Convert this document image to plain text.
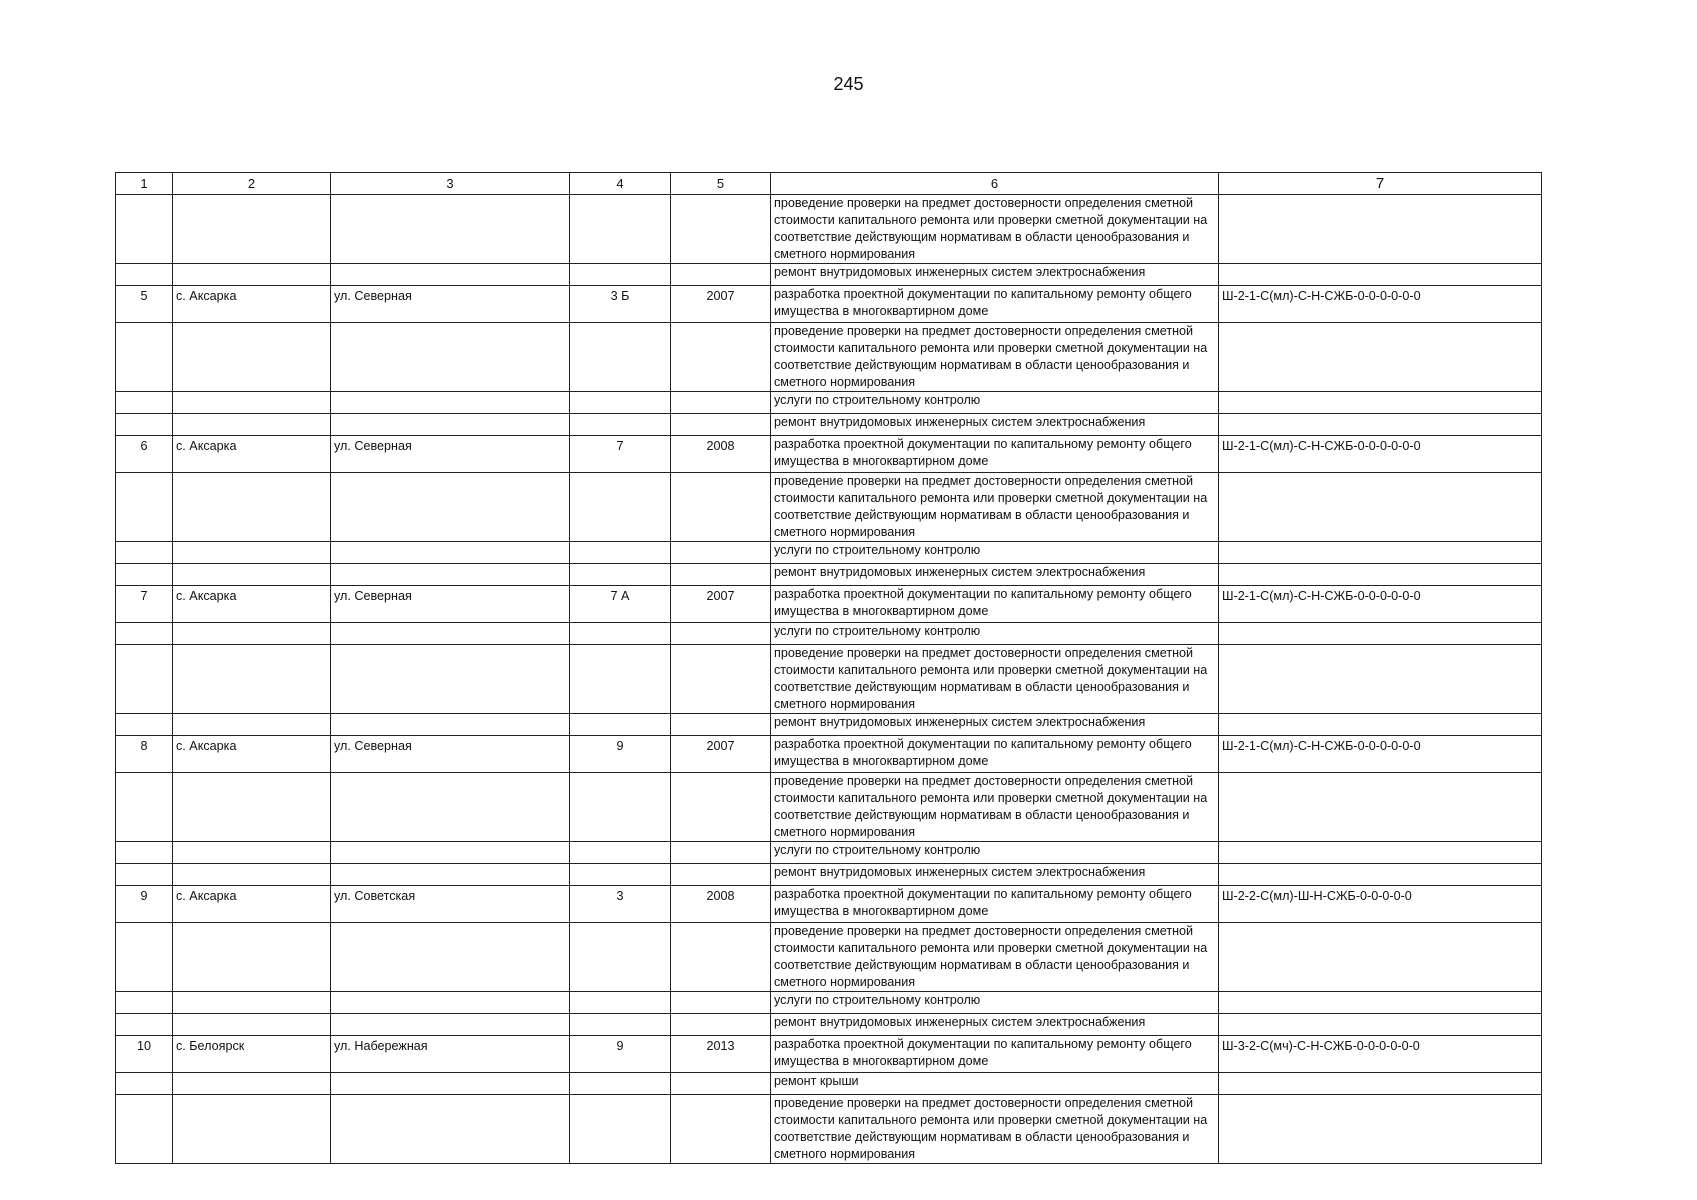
245
1	2	3	4	5	6	7
					проведение проверки на предмет достоверности определения сметной стоимости капитального ремонта или проверки сметной документации на соответствие действующим нормативам в области ценообразования и сметного нормирования	
					ремонт внутридомовых инженерных систем электроснабжения	
5	с. Аксарка	ул. Северная	3 Б	2007	разработка проектной документации по капитальному ремонту общего имущества в многоквартирном доме	Ш-2-1-С(мл)-С-Н-СЖБ-0-0-0-0-0-0
					проведение проверки на предмет достоверности определения сметной стоимости капитального ремонта или проверки сметной документации на соответствие действующим нормативам в области ценообразования и сметного нормирования	
					услуги по строительному контролю	
					ремонт внутридомовых инженерных систем электроснабжения	
6	с. Аксарка	ул. Северная	7	2008	разработка проектной документации по капитальному ремонту общего имущества в многоквартирном доме	Ш-2-1-С(мл)-С-Н-СЖБ-0-0-0-0-0-0
					проведение проверки на предмет достоверности определения сметной стоимости капитального ремонта или проверки сметной документации на соответствие действующим нормативам в области ценообразования и сметного нормирования	
					услуги по строительному контролю	
					ремонт внутридомовых инженерных систем электроснабжения	
7	с. Аксарка	ул. Северная	7 А	2007	разработка проектной документации по капитальному ремонту общего имущества в многоквартирном доме	Ш-2-1-С(мл)-С-Н-СЖБ-0-0-0-0-0-0
					услуги по строительному контролю	
					проведение проверки на предмет достоверности определения сметной стоимости капитального ремонта или проверки сметной документации на соответствие действующим нормативам в области ценообразования и сметного нормирования	
					ремонт внутридомовых инженерных систем электроснабжения	
8	с. Аксарка	ул. Северная	9	2007	разработка проектной документации по капитальному ремонту общего имущества в многоквартирном доме	Ш-2-1-С(мл)-С-Н-СЖБ-0-0-0-0-0-0
					проведение проверки на предмет достоверности определения сметной стоимости капитального ремонта или проверки сметной документации на соответствие действующим нормативам в области ценообразования и сметного нормирования	
					услуги по строительному контролю	
					ремонт внутридомовых инженерных систем электроснабжения	
9	с. Аксарка	ул. Советская	3	2008	разработка проектной документации по капитальному ремонту общего имущества в многоквартирном доме	Ш-2-2-С(мл)-Ш-Н-СЖБ-0-0-0-0-0
					проведение проверки на предмет достоверности определения сметной стоимости капитального ремонта или проверки сметной документации на соответствие действующим нормативам в области ценообразования и сметного нормирования	
					услуги по строительному контролю	
					ремонт внутридомовых инженерных систем электроснабжения	
10	с. Белоярск	ул. Набережная	9	2013	разработка проектной документации по капитальному ремонту общего имущества в многоквартирном доме	Ш-3-2-С(мч)-С-Н-СЖБ-0-0-0-0-0-0
					ремонт крыши	
					проведение проверки на предмет достоверности определения сметной стоимости капитального ремонта или проверки сметной документации на соответствие действующим нормативам в области ценообразования и сметного нормирования	
